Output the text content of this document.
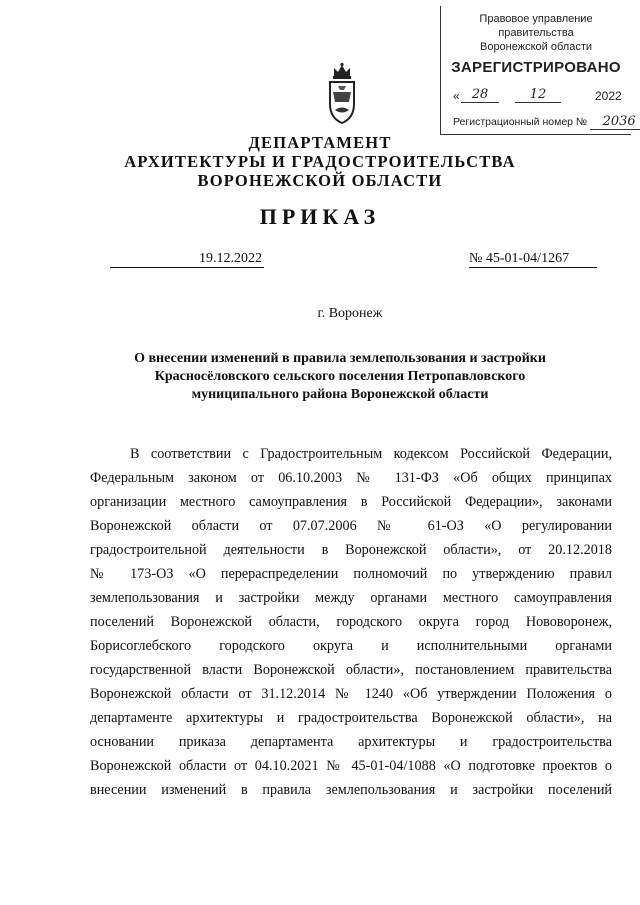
Правовое управление правительства
Воронежской области
ЗАРЕГИСТРИРОВАНО
« 28	12	2022
Регистрационный номер № 2036
ДЕПАРТАМЕНТ
АРХИТЕКТУРЫ И ГРАДОСТРОИТЕЛЬСТВА
ВОРОНЕЖСКОЙ ОБЛАСТИ
ПРИКАЗ
19.12.2022	№ 45-01-04/1267
г. Воронеж
О внесении изменений в правила землепользования и застройки
Красносёловского сельского поселения Петропавловского
муниципального района Воронежской области
В соответствии с Градостроительным кодексом Российской Федерации,
Федеральным законом от 06.10.2003 № 131-ФЗ «Об общих принципах
организации местного самоуправления в Российской Федерации», законами
Воронежской области от 07.07.2006 № 61-ОЗ «О регулировании
градостроительной деятельности в Воронежской области», от 20.12.2018
№ 173-ОЗ «О перераспределении полномочий по утверждению правил
землепользования и застройки между органами местного самоуправления
поселений Воронежской области, городского округа город Нововоронеж,
Борисоглебского городского округа и исполнительными органами
государственной власти Воронежской области», постановлением правительства
Воронежской области от 31.12.2014 № 1240 «Об утверждении Положения о
департаменте архитектуры и градостроительства Воронежской области», на
основании приказа департамента архитектуры и градостроительства
Воронежской области от 04.10.2021 № 45-01-04/1088 «О подготовке проектов о
внесении изменений в правила землепользования и застройки поселений
